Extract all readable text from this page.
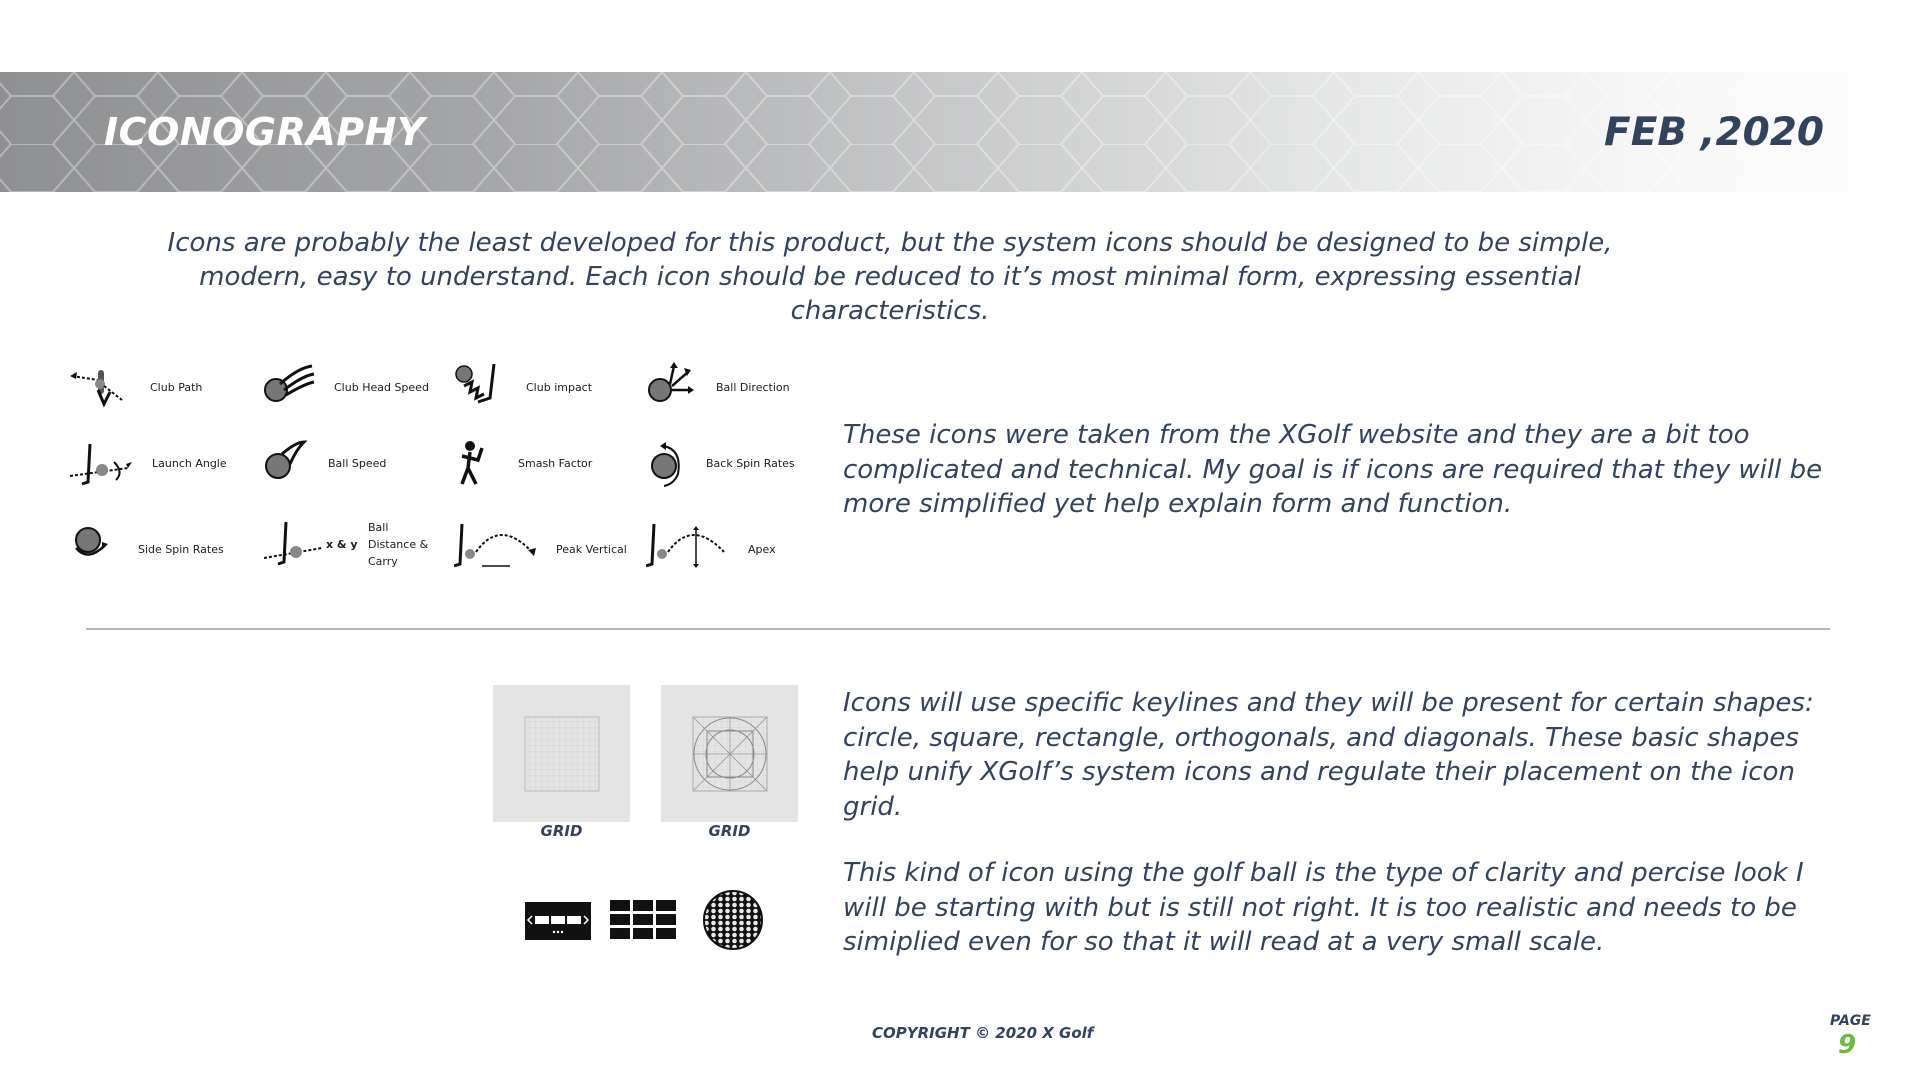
ICONOGRAPHY	FEB ,2020
Icons are probably the least developed for this product, but the system icons should be designed to be simple, modern, easy to understand. Each icon should be reduced to it’s most minimal form, expressing essential characteristics.
Club Path	Club Head Speed	Club impact	Ball Direction
Launch Angle	Ball Speed	Smash Factor	Back Spin Rates
Side Spin Rates	x & y
Ball Distance & Carry
Peak Vertical	Apex
These icons were taken from the XGolf website and they are a bit too complicated and technical. My goal is if icons are required that they will be more simplified yet help explain form and function.
GRID	GRID
Icons will use specific keylines and they will be present for certain shapes: circle, square, rectangle, orthogonals, and diagonals. These basic shapes help unify XGolf’s system icons and regulate their placement on the icon grid.
This kind of icon using the golf ball is the type of clarity and percise look I will be starting with but is still not right. It is too realistic and needs to be simiplied even for so that it will read at a very small scale.
COPYRIGHT © 2020 X Golf
PAGE
9
